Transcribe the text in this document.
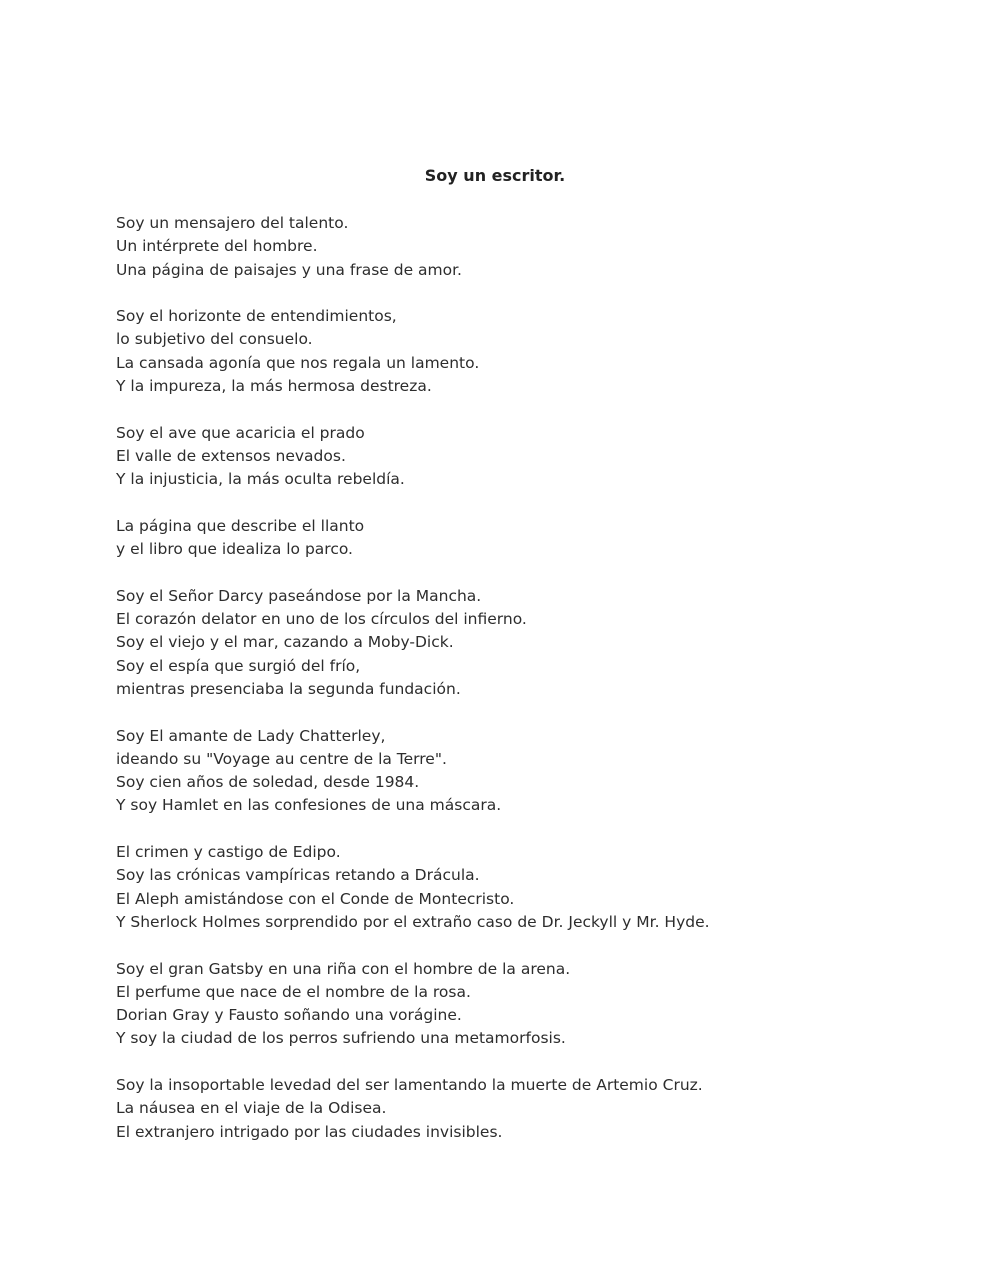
Soy un escritor.
Soy un mensajero del talento.
Un intérprete del hombre.
Una página de paisajes y una frase de amor.
Soy el horizonte de entendimientos,
lo subjetivo del consuelo.
La cansada agonía que nos regala un lamento.
Y la impureza, la más hermosa destreza.
Soy el ave que acaricia el prado
El valle de extensos nevados.
Y la injusticia, la más oculta rebeldía.
La página que describe el llanto
y el libro que idealiza lo parco.
Soy el Señor Darcy paseándose por la Mancha.
El corazón delator en uno de los círculos del infierno.
Soy el viejo y el mar, cazando a Moby-Dick.
Soy el espía que surgió del frío,
mientras presenciaba la segunda fundación.
Soy El amante de Lady Chatterley,
ideando su "Voyage au centre de la Terre".
Soy cien años de soledad, desde 1984.
Y soy Hamlet en las confesiones de una máscara.
El crimen y castigo de Edipo.
Soy las crónicas vampíricas retando a Drácula.
El Aleph amistándose con el Conde de Montecristo.
Y Sherlock Holmes sorprendido por el extraño caso de Dr. Jeckyll y Mr. Hyde.
Soy el gran Gatsby en una riña con el hombre de la arena.
El perfume que nace de el nombre de la rosa.
Dorian Gray y Fausto soñando una vorágine.
Y soy la ciudad de los perros sufriendo una metamorfosis.
Soy la insoportable levedad del ser lamentando la muerte de Artemio Cruz.
La náusea en el viaje de la Odisea.
El extranjero intrigado por las ciudades invisibles.
